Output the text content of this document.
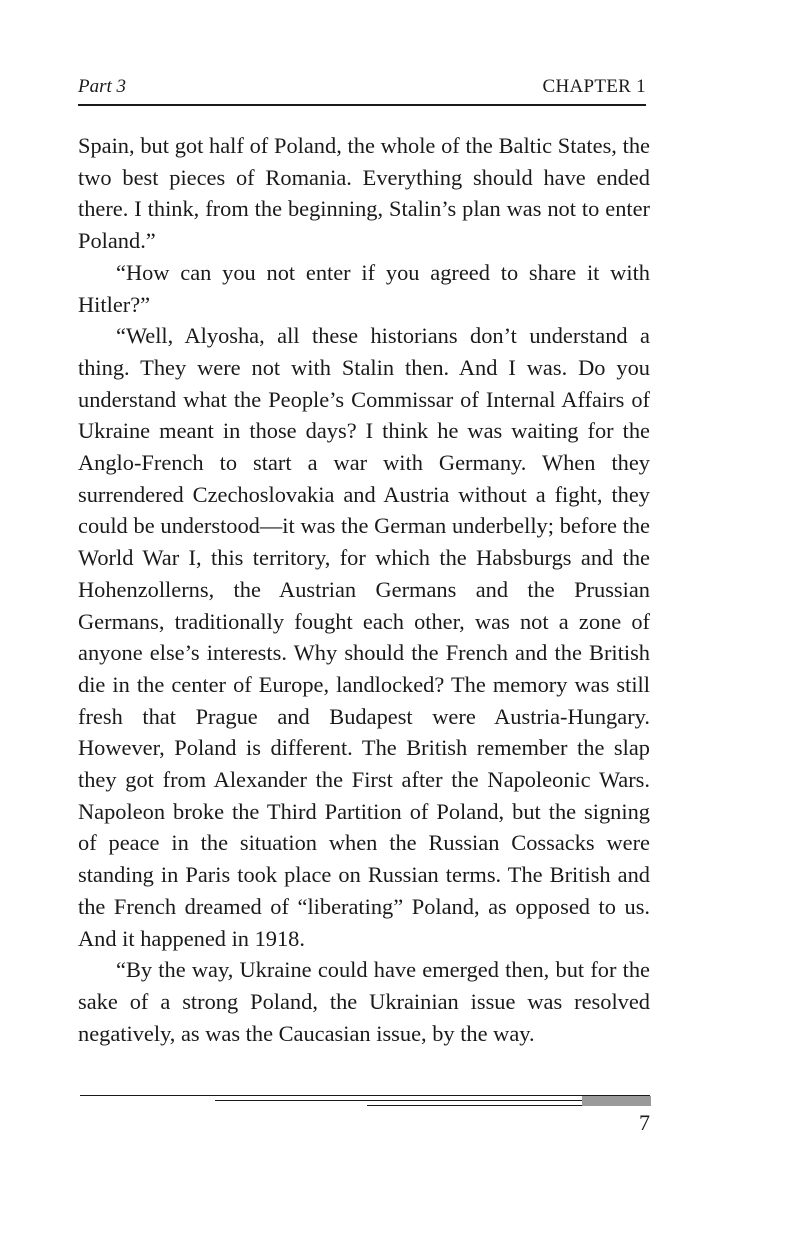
Part 3	CHAPTER 1

Spain, but got half of Poland, the whole of the Baltic States, the two best pieces of Romania. Everything should have ended there. I think, from the beginning, Stalin’s plan was not to enter Poland.”

“How can you not enter if you agreed to share it with Hitler?”

“Well, Alyosha, all these historians don’t understand a thing. They were not with Stalin then. And I was. Do you understand what the People’s Commissar of Internal Affairs of Ukraine meant in those days? I think he was waiting for the Anglo-French to start a war with Germany. When they surrendered Czechoslovakia and Austria without a fight, they could be understood—it was the German underbelly; before the World War I, this territory, for which the Habsburgs and the Hohenzollerns, the Austrian Germans and the Prussian Germans, traditionally fought each other, was not a zone of anyone else’s interests. Why should the French and the British die in the center of Europe, landlocked? The memory was still fresh that Prague and Budapest were Austria-Hungary. However, Poland is different. The British remember the slap they got from Alexander the First after the Napoleonic Wars. Napoleon broke the Third Partition of Poland, but the signing of peace in the situation when the Russian Cossacks were standing in Paris took place on Russian terms. The British and the French dreamed of “liberating” Poland, as opposed to us. And it happened in 1918.

“By the way, Ukraine could have emerged then, but for the sake of a strong Poland, the Ukrainian issue was resolved negatively, as was the Caucasian issue, by the way.

7
